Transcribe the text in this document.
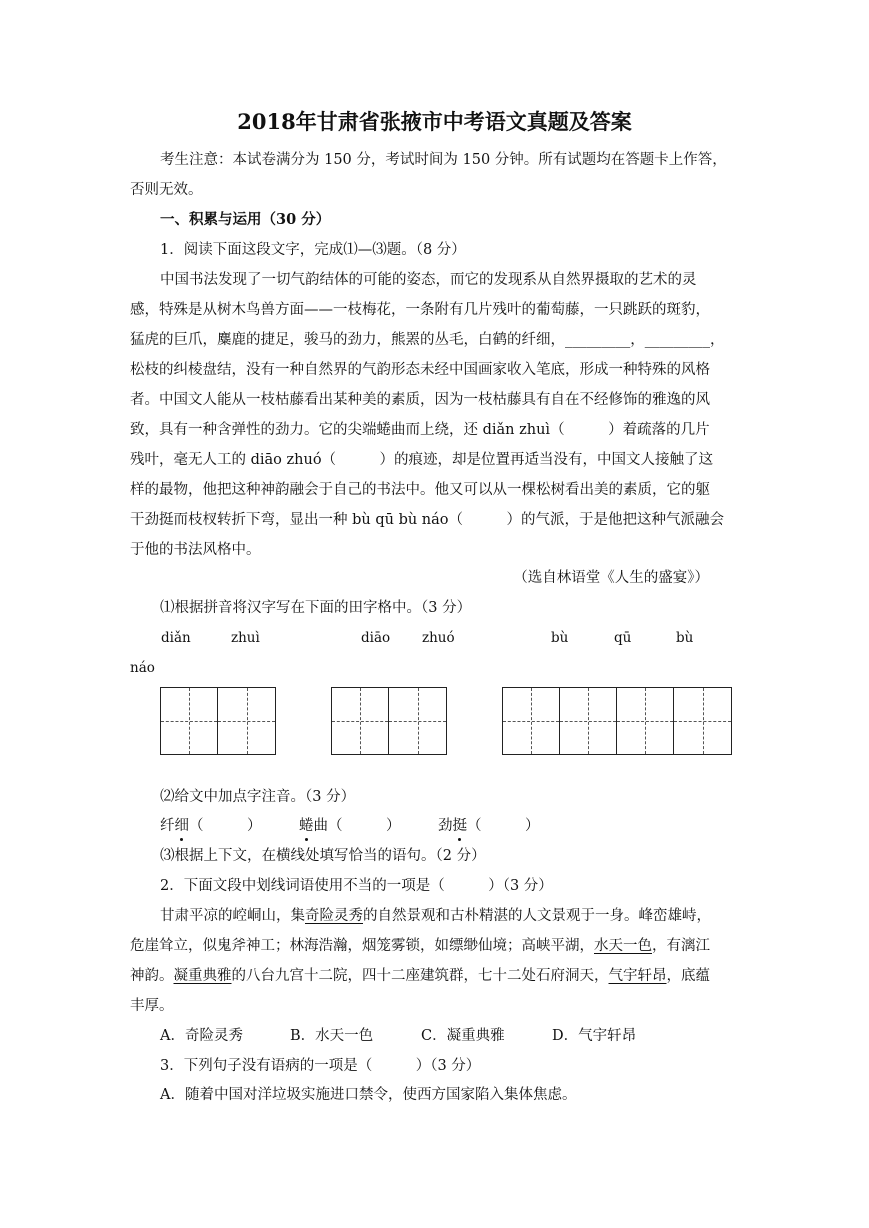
2018年甘肃省张掖市中考语文真题及答案
考生注意：本试卷满分为 150 分，考试时间为 150 分钟。所有试题均在答题卡上作答，
否则无效。
一、积累与运用（30 分）
1．阅读下面这段文字，完成⑴—⑶题。（8 分）
中国书法发现了一切气韵结体的可能的姿态，而它的发现系从自然界摄取的艺术的灵
感，特殊是从树木鸟兽方面——一枝梅花，一条附有几片残叶的葡萄藤，一只跳跃的斑豹，
猛虎的巨爪，麋鹿的捷足，骏马的劲力，熊罴的丛毛，白鹤的纤细，_________，_________，
松枝的纠棱盘结，没有一种自然界的气韵形态未经中国画家收入笔底，形成一种特殊的风格
者。中国文人能从一枝枯藤看出某种美的素质，因为一枝枯藤具有自在不经修饰的雅逸的风
致，具有一种含弹性的劲力。它的尖端蜷曲而上绕，还 diǎn zhuì（　　　）着疏落的几片
残叶，毫无人工的 diāo zhuó（　　　）的痕迹，却是位置再适当没有，中国文人接触了这
样的最物，他把这种神韵融会于自己的书法中。他又可以从一棵松树看出美的素质，它的躯
干劲挺而枝杈转折下弯，显出一种 bù qū bù náo（　　　）的气派，于是他把这种气派融会
于他的书法风格中。
（选自林语堂《人生的盛宴》）
⑴根据拼音将汉字写在下面的田字格中。（3 分）
diǎn	zhuì	diāo zhuó	bù	qū	bù
náo
⑵给文中加点字注音。（3 分）
纤细（　　　）	蜷曲（　　　）	劲挺（　　　）
⑶根据上下文，在横线处填写恰当的语句。（2 分）
2．下面文段中划线词语使用不当的一项是（　　　）（3 分）
甘肃平凉的崆峒山，集奇险灵秀的自然景观和古朴精湛的人文景观于一身。峰峦雄峙，
危崖耸立，似鬼斧神工；林海浩瀚，烟笼雾锁，如缥缈仙境；高峡平湖，水天一色，有漓江
神韵。凝重典雅的八台九宫十二院，四十二座建筑群，七十二处石府洞天，气宇轩昂，底蕴
丰厚。
A．奇险灵秀	B．水天一色	C．凝重典雅	D．气宇轩昂
3．下列句子没有语病的一项是（　　　）（3 分）
A．随着中国对洋垃圾实施进口禁令，使西方国家陷入集体焦虑。
